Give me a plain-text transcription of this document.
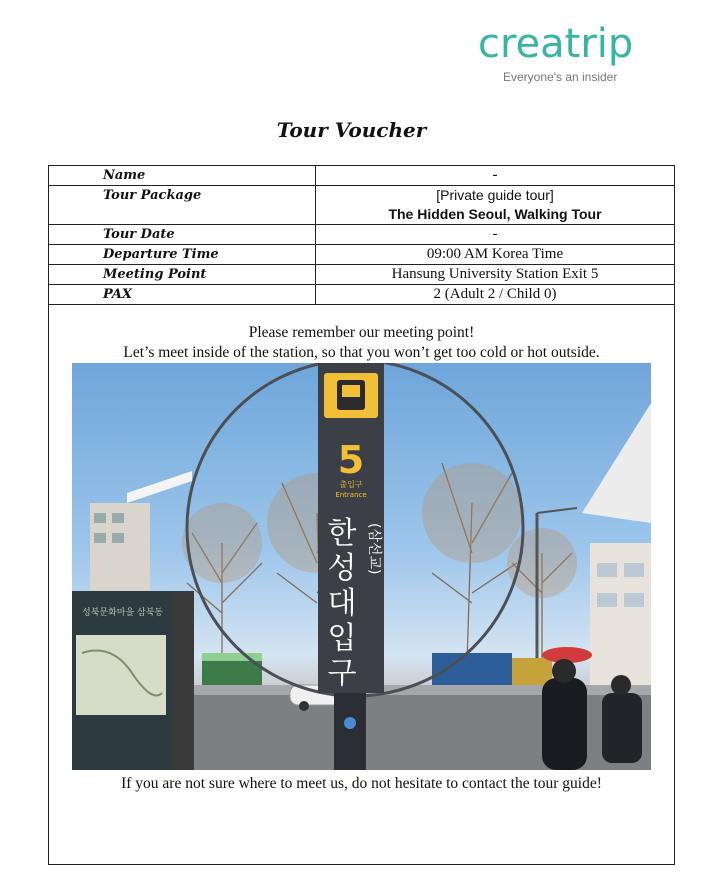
creatrip
Everyone's an insider
Tour Voucher
Name	-
Tour Package	[Private guide tour]
The Hidden Seoul, Walking Tour

Tour Date	-
Departure Time	09:00 AM Korea Time
Meeting Point	Hansung University Station Exit 5
PAX	2 (Adult 2 / Child 0)
Please remember our meeting point!
Let’s meet inside of the station, so that you won’t get too cold or hot outside.
성북문화마을 삼북동
5
출입구
Entrance
한
성
대
입
구
(삼선교)
If you are not sure where to meet us, do not hesitate to contact the tour guide!
